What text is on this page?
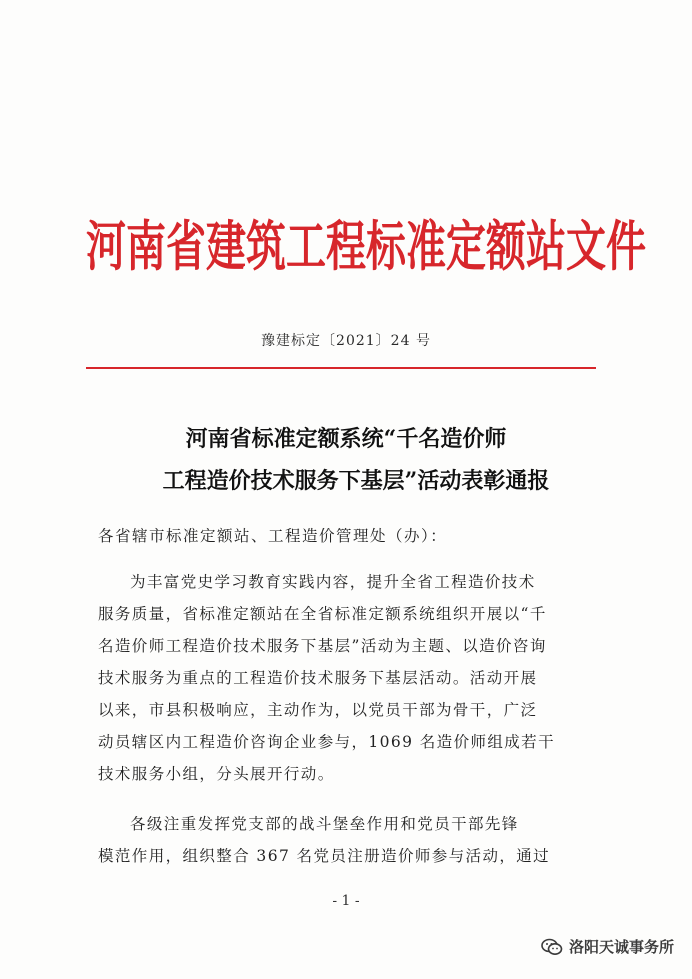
河南省建筑工程标准定额站文件
豫建标定〔2021〕24 号
河南省标准定额系统“千名造价师
工程造价技术服务下基层”活动表彰通报
各省辖市标准定额站、工程造价管理处（办）：
为丰富党史学习教育实践内容，提升全省工程造价技术
服务质量，省标准定额站在全省标准定额系统组织开展以“千
名造价师工程造价技术服务下基层”活动为主题、以造价咨询
技术服务为重点的工程造价技术服务下基层活动。活动开展
以来，市县积极响应，主动作为，以党员干部为骨干，广泛
动员辖区内工程造价咨询企业参与，1069 名造价师组成若干
技术服务小组，分头展开行动。
各级注重发挥党支部的战斗堡垒作用和党员干部先锋
模范作用，组织整合 367 名党员注册造价师参与活动，通过
- 1 -
洛阳天诚事务所
